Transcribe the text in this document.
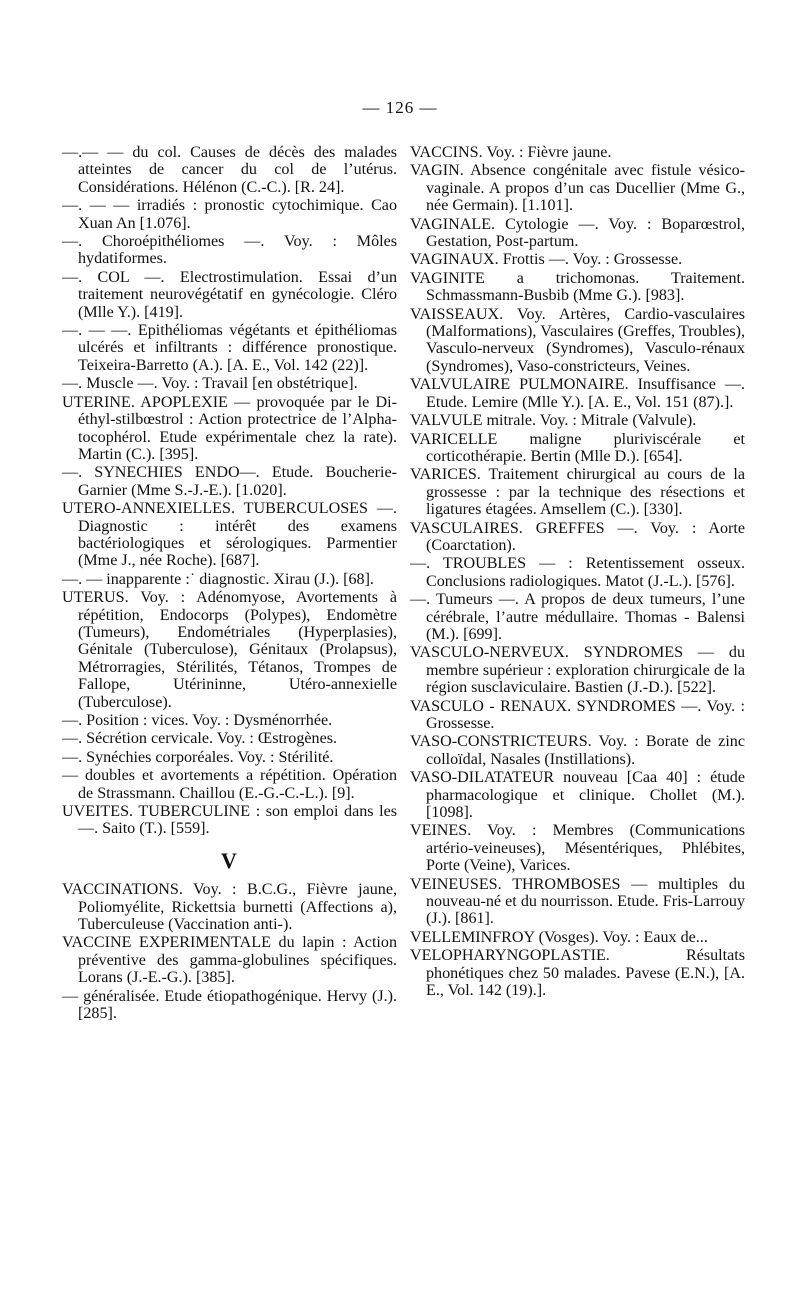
— 126 —

—.— — du col. Causes de décès des malades atteintes de cancer du col de l’utérus. Considérations. Hélénon (C.-C.). [R. 24].

—. — — irradiés : pronostic cytochimique. Cao Xuan An [1.076].

—. Choroépithéliomes —. Voy. : Môles hydatiformes.

—. COL —. Electrostimulation. Essai d’un traitement neurovégétatif en gynécologie. Cléro (Mlle Y.). [419].

—. — —. Epithéliomas végétants et épithéliomas ulcérés et infiltrants : différence pronostique. Teixeira-Barretto (A.). [A. E., Vol. 142 (22)].

—. Muscle —. Voy. : Travail [en obstétrique].

UTERINE. APOPLEXIE — provoquée par le Di-éthyl-stilbœstrol : Action protectrice de l’Alpha-tocophérol. Etude expérimentale chez la rate). Martin (C.). [395].

—. SYNECHIES ENDO—. Etude. Boucherie-Garnier (Mme S.-J.-E.). [1.020].

UTERO-ANNEXIELLES. TUBERCULOSES —. Diagnostic : intérêt des examens bactériologiques et sérologiques. Parmentier (Mme J., née Roche). [687].

—. — inapparente :˙ diagnostic. Xirau (J.). [68].

UTERUS. Voy. : Adénomyose, Avortements à répétition, Endocorps (Polypes), Endomètre (Tumeurs), Endométriales (Hyperplasies), Génitale (Tuberculose), Génitaux (Prolapsus), Métrorragies, Stérilités, Tétanos, Trompes de Fallope, Utérininne, Utéro-annexielle (Tuberculose).

—. Position : vices. Voy. : Dysménorrhée.

—. Sécrétion cervicale. Voy. : Œstrogènes.

—. Synéchies corporéales. Voy. : Stérilité.

— doubles et avortements a répétition. Opération de Strassmann. Chaillou (E.-G.-C.-L.). [9].

UVEITES. TUBERCULINE : son emploi dans les —. Saito (T.). [559].

V

VACCINATIONS. Voy. : B.C.G., Fièvre jaune, Poliomyélite, Rickettsia burnetti (Affections a), Tuberculeuse (Vaccination anti-).

VACCINE EXPERIMENTALE du lapin : Action préventive des gamma-globulines spécifiques. Lorans (J.-E.-G.). [385].

— généralisée. Etude étiopathogénique. Hervy (J.). [285].

VACCINS. Voy. : Fièvre jaune.

VAGIN. Absence congénitale avec fistule vésico-vaginale. A propos d’un cas Ducellier (Mme G., née Germain). [1.101].

VAGINALE. Cytologie —. Voy. : Boparœstrol, Gestation, Post-partum.

VAGINAUX. Frottis —. Voy. : Grossesse.

VAGINITE a trichomonas. Traitement. Schmassmann-Busbib (Mme G.). [983].

VAISSEAUX. Voy. Artères, Cardio-vasculaires (Malformations), Vasculaires (Greffes, Troubles), Vasculo-nerveux (Syndromes), Vasculo-rénaux (Syndromes), Vaso-constricteurs, Veines.

VALVULAIRE PULMONAIRE. Insuffisance —. Etude. Lemire (Mlle Y.). [A. E., Vol. 151 (87).].

VALVULE mitrale. Voy. : Mitrale (Valvule).

VARICELLE maligne pluriviscérale et corticothérapie. Bertin (Mlle D.). [654].

VARICES. Traitement chirurgical au cours de la grossesse : par la technique des résections et ligatures étagées. Amsellem (C.). [330].

VASCULAIRES. GREFFES —. Voy. : Aorte (Coarctation).

—. TROUBLES — : Retentissement osseux. Conclusions radiologiques. Matot (J.-L.). [576].

—. Tumeurs —. A propos de deux tumeurs, l’une cérébrale, l’autre médullaire. Thomas - Balensi (M.). [699].

VASCULO-NERVEUX. SYNDROMES — du membre supérieur : exploration chirurgicale de la région susclaviculaire. Bastien (J.-D.). [522].

VASCULO - RENAUX. SYNDROMES —. Voy. : Grossesse.

VASO-CONSTRICTEURS. Voy. : Borate de zinc colloïdal, Nasales (Instillations).

VASO-DILATATEUR nouveau [Caa 40] : étude pharmacologique et clinique. Chollet (M.). [1098].

VEINES. Voy. : Membres (Communications artério-veineuses), Mésentériques, Phlébites, Porte (Veine), Varices.

VEINEUSES. THROMBOSES — multiples du nouveau-né et du nourrisson. Etude. Fris-Larrouy (J.). [861].

VELLEMINFROY (Vosges). Voy. : Eaux de...

VELOPHARYNGOPLASTIE. Résultats phonétiques chez 50 malades. Pavese (E.N.), [A. E., Vol. 142 (19).].
